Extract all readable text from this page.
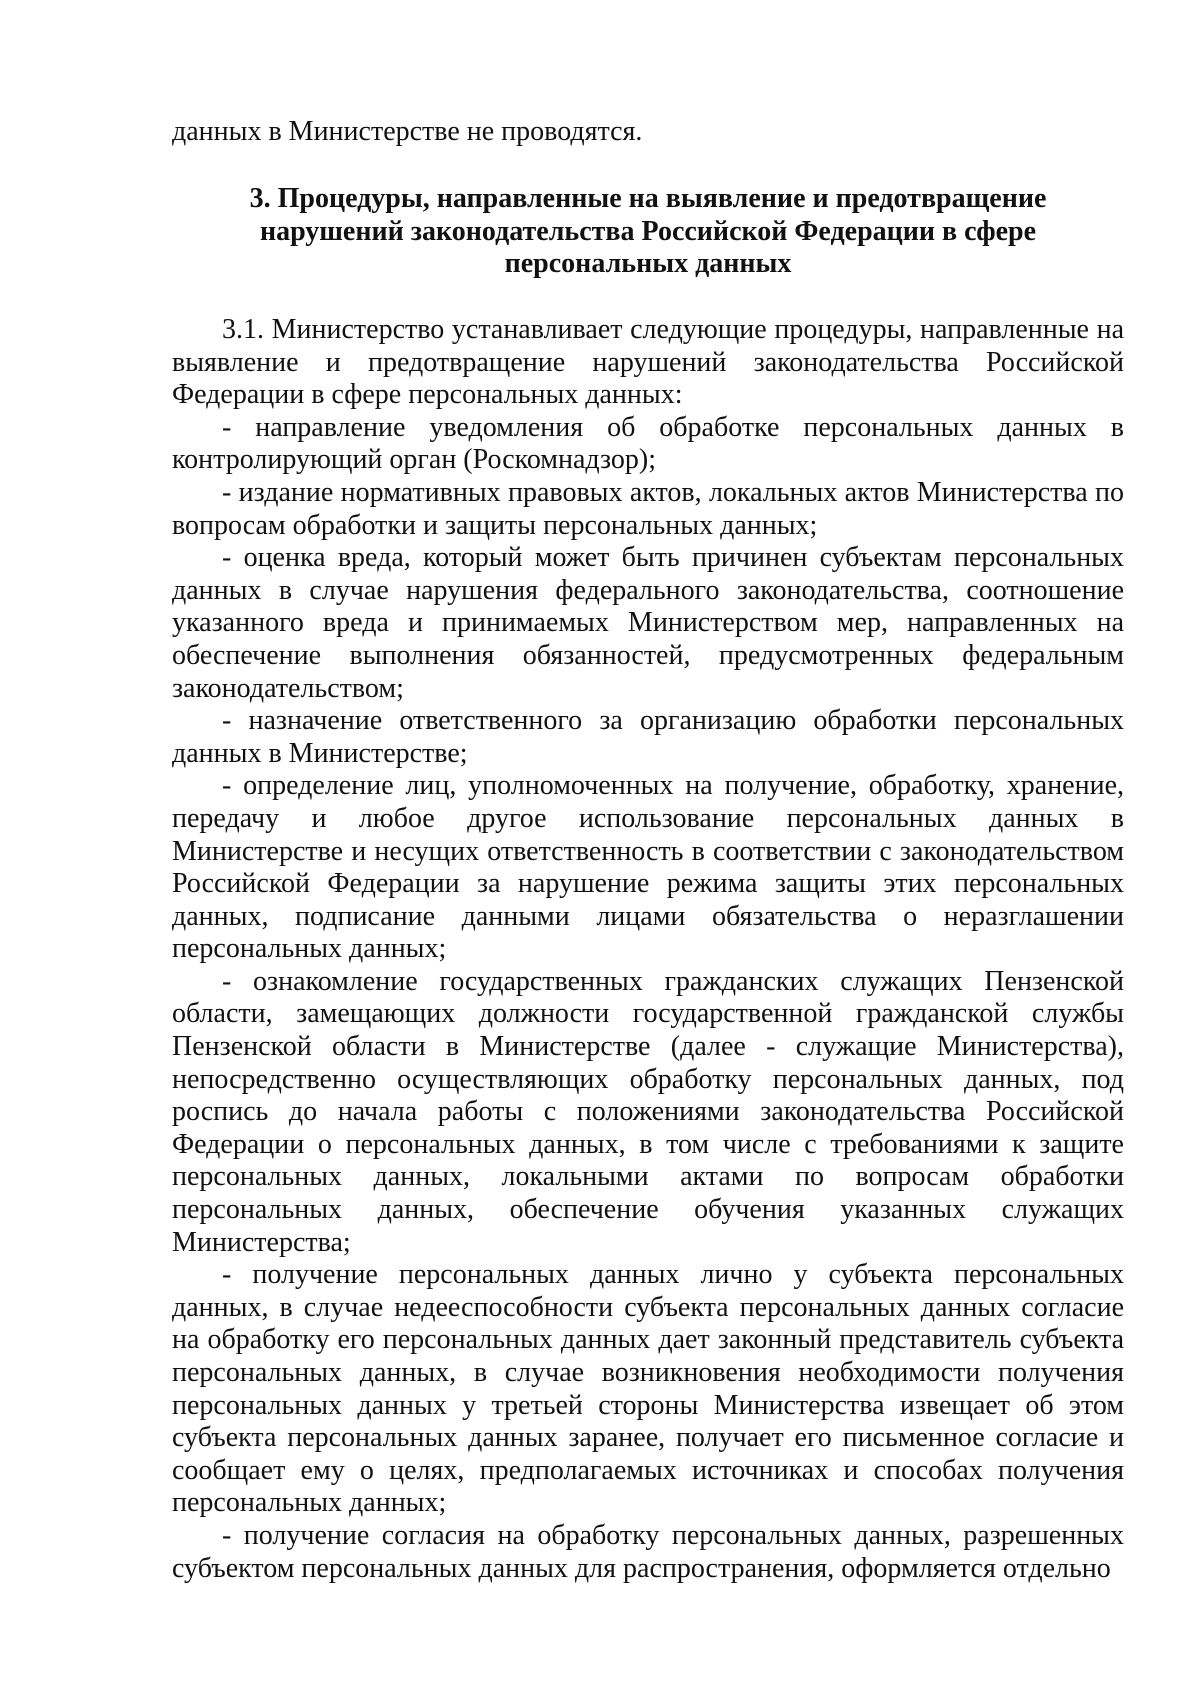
данных в Министерстве не проводятся.
3. Процедуры, направленные на выявление и предотвращение
нарушений законодательства Российской Федерации в сфере
персональных данных

3.1. Министерство устанавливает следующие процедуры, направленные на выявление и предотвращение нарушений законодательства Российской Федерации в сфере персональных данных:

- направление уведомления об обработке персональных данных в контролирующий орган (Роскомнадзор);

- издание нормативных правовых актов, локальных актов Министерства по вопросам обработки и защиты персональных данных;

- оценка вреда, который может быть причинен субъектам персональных данных в случае нарушения федерального законодательства, соотношение указанного вреда и принимаемых Министерством мер, направленных на обеспечение выполнения обязанностей, предусмотренных федеральным законодательством;

- назначение ответственного за организацию обработки персональных данных в Министерстве;

- определение лиц, уполномоченных на получение, обработку, хранение, передачу и любое другое использование персональных данных в Министерстве и несущих ответственность в соответствии с законодательством Российской Федерации за нарушение режима защиты этих персональных данных, подписание данными лицами обязательства о неразглашении персональных данных;

- ознакомление государственных гражданских служащих Пензенской области, замещающих должности государственной гражданской службы Пензенской области в Министерстве (далее - служащие Министерства), непосредственно осуществляющих обработку персональных данных, под роспись до начала работы с положениями законодательства Российской Федерации о персональных данных, в том числе с требованиями к защите персональных данных, локальными актами по вопросам обработки персональных данных, обеспечение обучения указанных служащих Министерства;

- получение персональных данных лично у субъекта персональных данных, в случае недееспособности субъекта персональных данных согласие на обработку его персональных данных дает законный представитель субъекта персональных данных, в случае возникновения необходимости получения персональных данных у третьей стороны Министерства извещает об этом субъекта персональных данных заранее, получает его письменное согласие и сообщает ему о целях, предполагаемых источниках и способах получения персональных данных;

- получение согласия на обработку персональных данных, разрешенных субъектом персональных данных для распространения, оформляется отдельно
